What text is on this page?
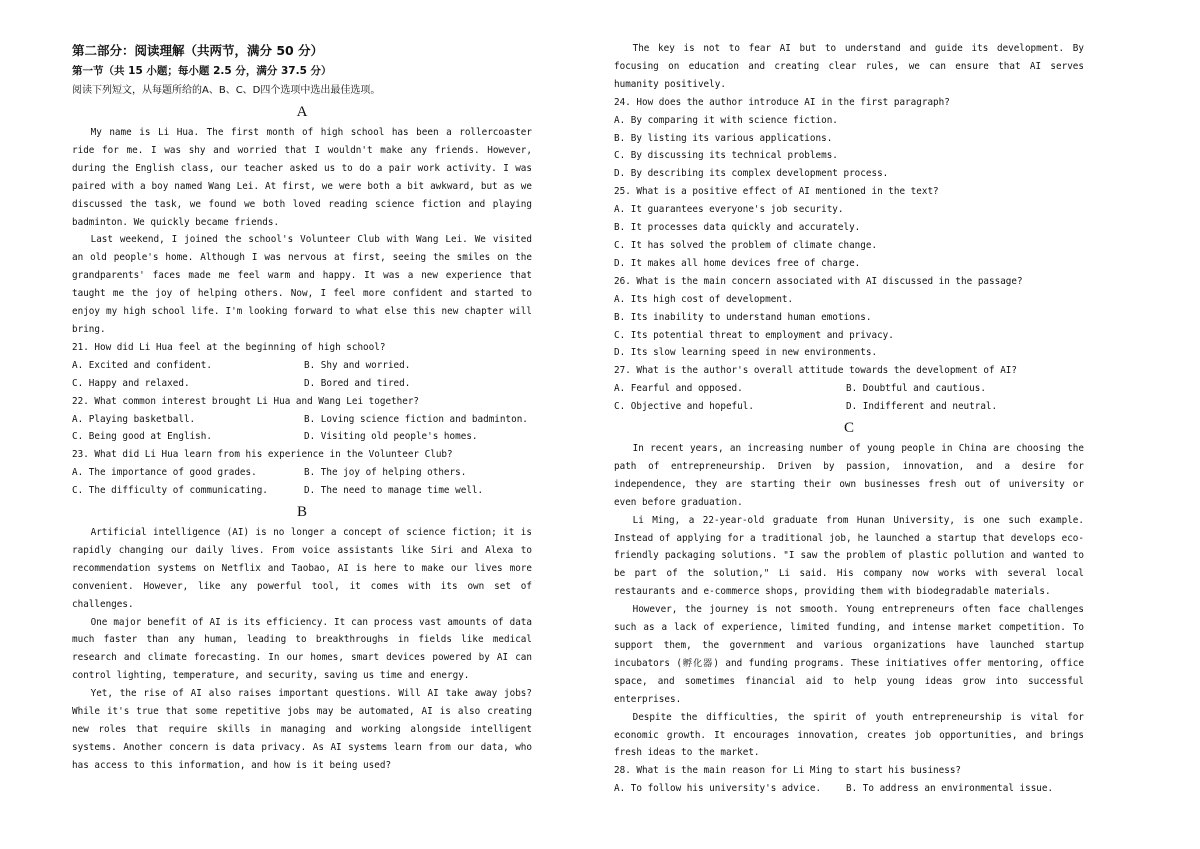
第二部分：阅读理解（共两节，满分 50 分）

第一节（共 15 小题；每小题 2.5 分，满分 37.5 分）

阅读下列短文，从每题所给的A、B、C、D四个选项中选出最佳选项。

A

My name is Li Hua. The first month of high school has been a rollercoaster ride for me. I was shy and worried that I wouldn't make any friends. However, during the English class, our teacher asked us to do a pair work activity. I was paired with a boy named Wang Lei. At first, we were both a bit awkward, but as we discussed the task, we found we both loved reading science fiction and playing badminton. We quickly became friends.

Last weekend, I joined the school's Volunteer Club with Wang Lei. We visited an old people's home. Although I was nervous at first, seeing the smiles on the grandparents' faces made me feel warm and happy. It was a new experience that taught me the joy of helping others. Now, I feel more confident and started to enjoy my high school life. I'm looking forward to what else this new chapter will bring.

21. How did Li Hua feel at the beginning of high school?

A. Excited and confident.	B. Shy and worried.
C. Happy and relaxed.	D. Bored and tired.

22. What common interest brought Li Hua and Wang Lei together?

A. Playing basketball.	B. Loving science fiction and badminton.
C. Being good at English.	D. Visiting old people's homes.

23. What did Li Hua learn from his experience in the Volunteer Club?

A. The importance of good grades.	B. The joy of helping others.
C. The difficulty of communicating.	D. The need to manage time well.
B

Artificial intelligence (AI) is no longer a concept of science fiction; it is rapidly changing our daily lives. From voice assistants like Siri and Alexa to recommendation systems on Netflix and Taobao, AI is here to make our lives more convenient. However, like any powerful tool, it comes with its own set of challenges.

One major benefit of AI is its efficiency. It can process vast amounts of data much faster than any human, leading to breakthroughs in fields like medical research and climate forecasting. In our homes, smart devices powered by AI can control lighting, temperature, and security, saving us time and energy.

Yet, the rise of AI also raises important questions. Will AI take away jobs? While it's true that some repetitive jobs may be automated, AI is also creating new roles that require skills in managing and working alongside intelligent systems. Another concern is data privacy. As AI systems learn from our data, who has access to this information, and how is it being used?

The key is not to fear AI but to understand and guide its development. By focusing on education and creating clear rules, we can ensure that AI serves humanity positively.

24. How does the author introduce AI in the first paragraph?

A. By comparing it with science fiction.

B. By listing its various applications.

C. By discussing its technical problems.

D. By describing its complex development process.

25. What is a positive effect of AI mentioned in the text?

A. It guarantees everyone's job security.

B. It processes data quickly and accurately.

C. It has solved the problem of climate change.

D. It makes all home devices free of charge.

26. What is the main concern associated with AI discussed in the passage?

A. Its high cost of development.

B. Its inability to understand human emotions.

C. Its potential threat to employment and privacy.

D. Its slow learning speed in new environments.

27. What is the author's overall attitude towards the development of AI?

A. Fearful and opposed.	B. Doubtful and cautious.
C. Objective and hopeful.	D. Indifferent and neutral.
C

In recent years, an increasing number of young people in China are choosing the path of entrepreneurship. Driven by passion, innovation, and a desire for independence, they are starting their own businesses fresh out of university or even before graduation.

Li Ming, a 22-year-old graduate from Hunan University, is one such example. Instead of applying for a traditional job, he launched a startup that develops eco-friendly packaging solutions. "I saw the problem of plastic pollution and wanted to be part of the solution," Li said. His company now works with several local restaurants and e-commerce shops, providing them with biodegradable materials.

However, the journey is not smooth. Young entrepreneurs often face challenges such as a lack of experience, limited funding, and intense market competition. To support them, the government and various organizations have launched startup incubators (孵化器) and funding programs. These initiatives offer mentoring, office space, and sometimes financial aid to help young ideas grow into successful enterprises.

Despite the difficulties, the spirit of youth entrepreneurship is vital for economic growth. It encourages innovation, creates job opportunities, and brings fresh ideas to the market.

28. What is the main reason for Li Ming to start his business?

A. To follow his university's advice.	B. To address an environmental issue.
